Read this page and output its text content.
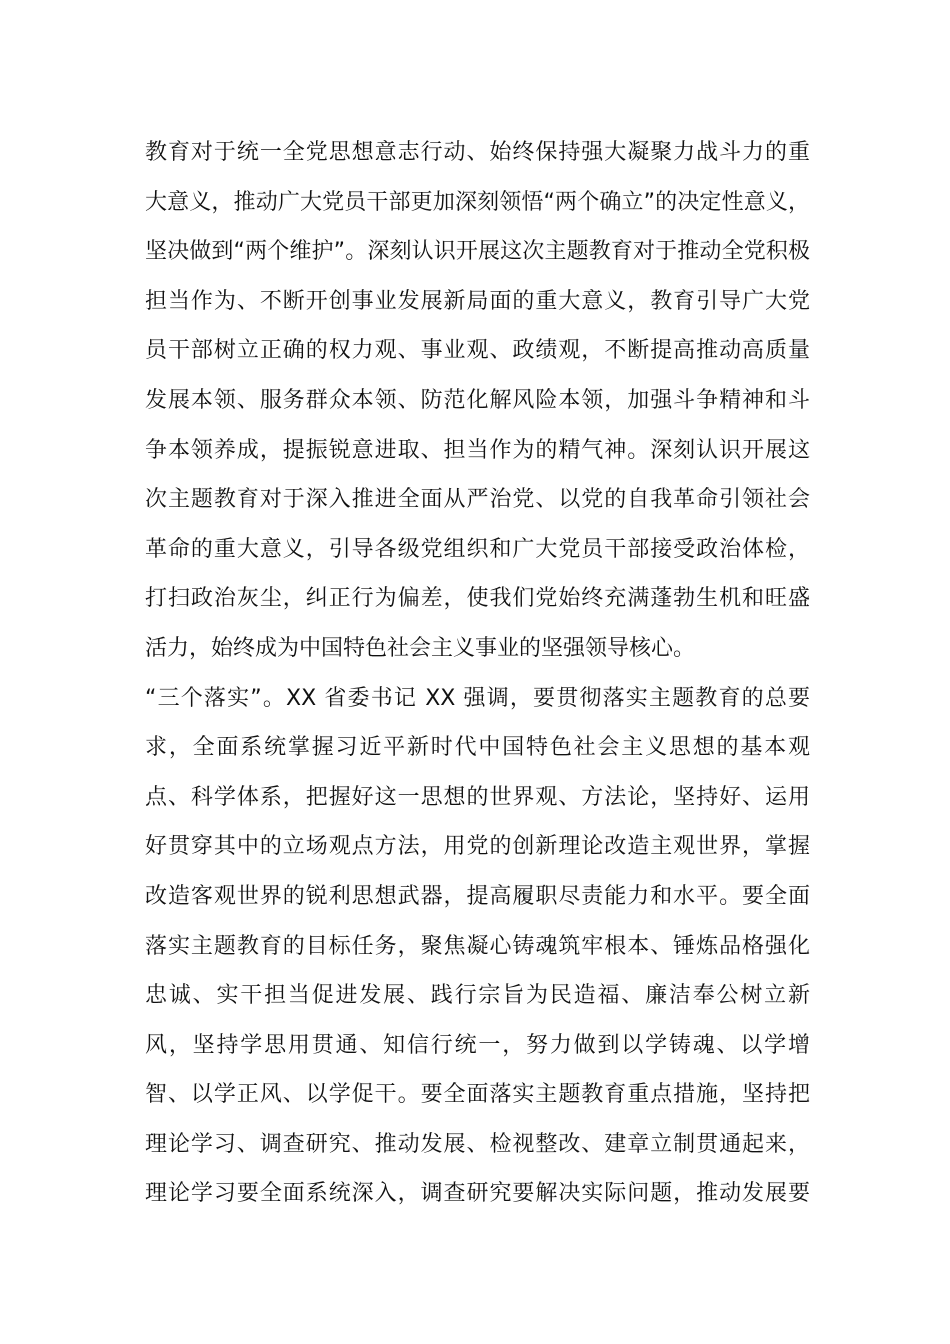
教育对于统一全党思想意志行动、始终保持强大凝聚力战斗力的重
大意义，推动广大党员干部更加深刻领悟“两个确立”的决定性意义，
坚决做到“两个维护”。深刻认识开展这次主题教育对于推动全党积极
担当作为、不断开创事业发展新局面的重大意义，教育引导广大党
员干部树立正确的权力观、事业观、政绩观，不断提高推动高质量
发展本领、服务群众本领、防范化解风险本领，加强斗争精神和斗
争本领养成，提振锐意进取、担当作为的精气神。深刻认识开展这
次主题教育对于深入推进全面从严治党、以党的自我革命引领社会
革命的重大意义，引导各级党组织和广大党员干部接受政治体检，
打扫政治灰尘，纠正行为偏差，使我们党始终充满蓬勃生机和旺盛
活力，始终成为中国特色社会主义事业的坚强领导核心。
“三个落实”。XX 省委书记 XX 强调，要贯彻落实主题教育的总要
求，全面系统掌握习近平新时代中国特色社会主义思想的基本观
点、科学体系，把握好这一思想的世界观、方法论，坚持好、运用
好贯穿其中的立场观点方法，用党的创新理论改造主观世界，掌握
改造客观世界的锐利思想武器，提高履职尽责能力和水平。要全面
落实主题教育的目标任务，聚焦凝心铸魂筑牢根本、锤炼品格强化
忠诚、实干担当促进发展、践行宗旨为民造福、廉洁奉公树立新
风，坚持学思用贯通、知信行统一，努力做到以学铸魂、以学增
智、以学正风、以学促干。要全面落实主题教育重点措施，坚持把
理论学习、调查研究、推动发展、检视整改、建章立制贯通起来，
理论学习要全面系统深入，调查研究要解决实际问题，推动发展要
